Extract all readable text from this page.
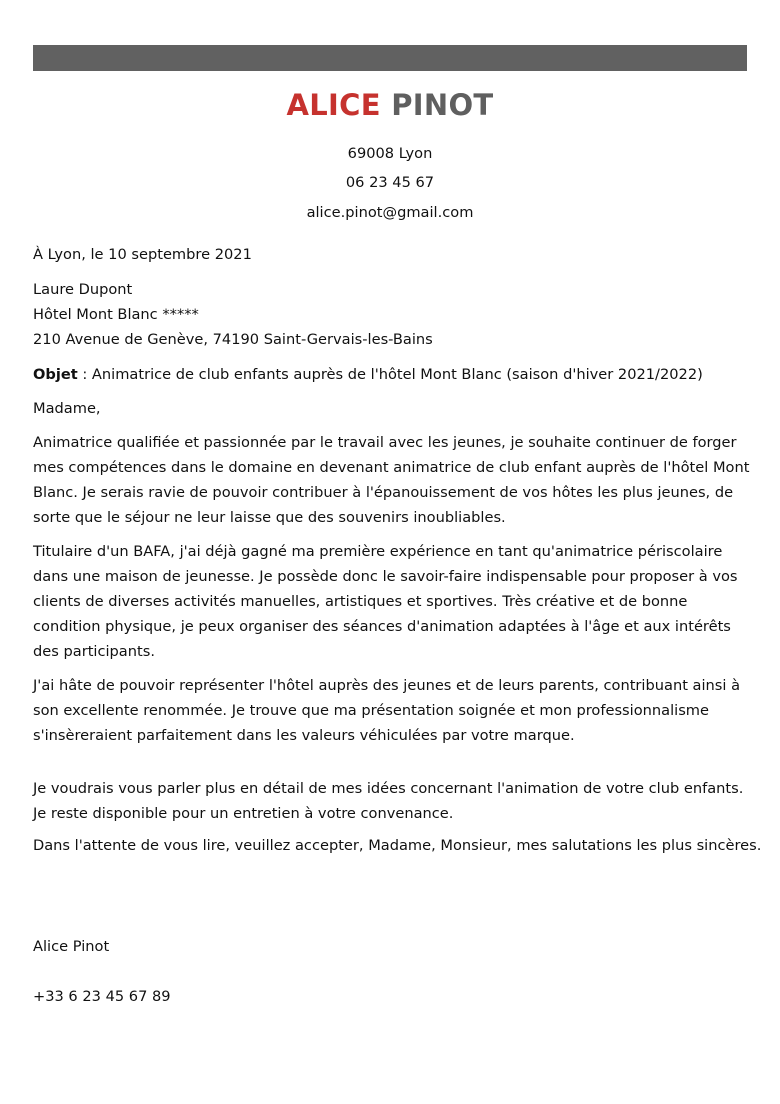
ALICE PINOT
69008 Lyon
06 23 45 67
alice.pinot@gmail.com
À Lyon, le 10 septembre 2021
Laure Dupont
Hôtel Mont Blanc *****
210 Avenue de Genève, 74190 Saint-Gervais-les-Bains
Objet : Animatrice de club enfants auprès de l'hôtel Mont Blanc (saison d'hiver 2021/2022)
Madame,

Animatrice qualifiée et passionnée par le travail avec les jeunes, je souhaite continuer de forger mes compétences dans le domaine en devenant animatrice de club enfant auprès de l'hôtel Mont Blanc. Je serais ravie de pouvoir contribuer à l'épanouissement de vos hôtes les plus jeunes, de sorte que le séjour ne leur laisse que des souvenirs inoubliables.

Titulaire d'un BAFA, j'ai déjà gagné ma première expérience en tant qu'animatrice périscolaire dans une maison de jeunesse. Je possède donc le savoir-faire indispensable pour proposer à vos clients de diverses activités manuelles, artistiques et sportives. Très créative et de bonne condition physique, je peux organiser des séances d'animation adaptées à l'âge et aux intérêts des participants.

J'ai hâte de pouvoir représenter l'hôtel auprès des jeunes et de leurs parents, contribuant ainsi à son excellente renommée. Je trouve que ma présentation soignée et mon professionnalisme s'insèreraient parfaitement dans les valeurs véhiculées par votre marque.

Je voudrais vous parler plus en détail de mes idées concernant l'animation de votre club enfants. Je reste disponible pour un entretien à votre convenance.

Dans l'attente de vous lire, veuillez accepter, Madame, Monsieur, mes salutations les plus sincères.
Alice Pinot
+33 6 23 45 67 89
